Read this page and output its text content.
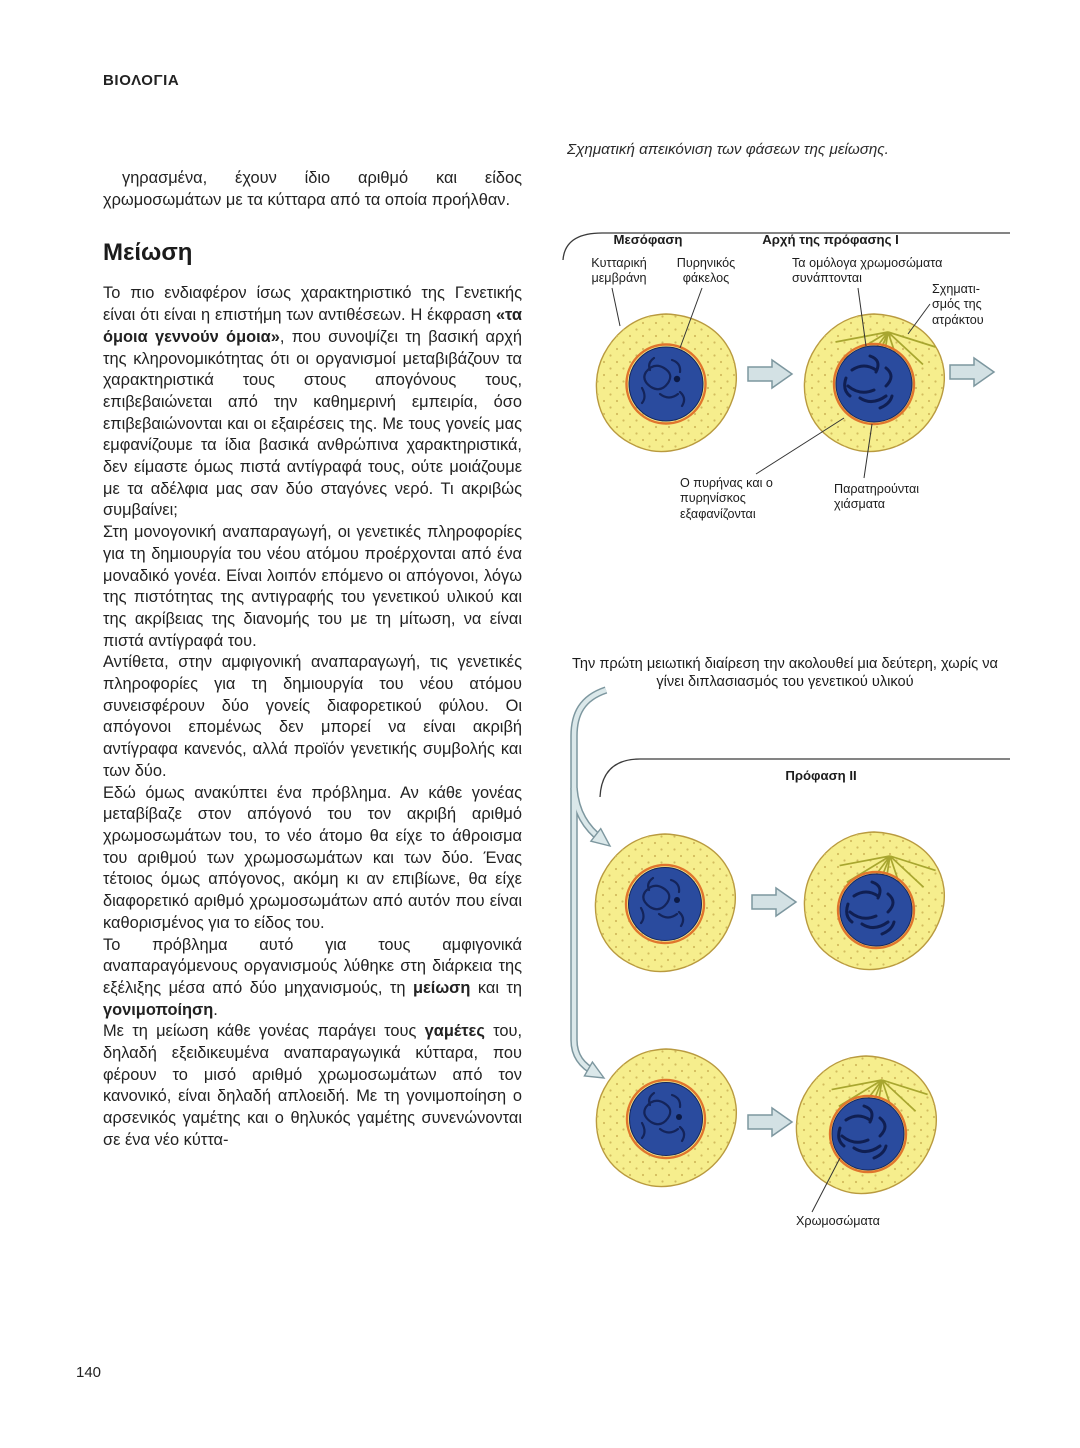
ΒΙΟΛΟΓΙΑ

γηρασμένα, έχουν ίδιο αριθμό και είδος χρωμοσωμάτων με τα κύτταρα από τα οποία προήλθαν.

Μείωση

Το πιο ενδιαφέρον ίσως χαρακτηριστικό της Γενετικής είναι ότι είναι η επιστήμη των αντιθέσεων. Η έκφραση «τα όμοια γεννούν όμοια», που συνοψίζει τη βασική αρχή της κληρονομικότητας ότι οι οργανισμοί μεταβιβάζουν τα χαρακτηριστικά τους στους απογόνους τους, επιβεβαιώνεται από την καθημερινή εμπειρία, όσο επιβεβαιώνονται και οι εξαιρέσεις της. Με τους γονείς μας εμφανίζουμε τα ίδια βασικά ανθρώπινα χαρακτηριστικά, δεν είμαστε όμως πιστά αντίγραφά τους, ούτε μοιάζουμε με τα αδέλφια μας σαν δύο σταγόνες νερό. Τι ακριβώς συμβαίνει;

Στη μονογονική αναπαραγωγή, οι γενετικές πληροφορίες για τη δημιουργία του νέου ατόμου προέρχονται από ένα μοναδικό γονέα. Είναι λοιπόν επόμενο οι απόγονοι, λόγω της πιστότητας της αντιγραφής του γενετικού υλικού και της ακρίβειας της διανομής του με τη μίτωση, να είναι πιστά αντίγραφά του.

Αντίθετα, στην αμφιγονική αναπαραγωγή, τις γενετικές πληροφορίες για τη δημιουργία του νέου ατόμου συνεισφέρουν δύο γονείς διαφορετικού φύλου. Οι απόγονοι επομένως δεν μπορεί να είναι ακριβή αντίγραφα κανενός, αλλά προϊόν γενετικής συμβολής και των δύο.

Εδώ όμως ανακύπτει ένα πρόβλημα. Αν κάθε γονέας μεταβίβαζε στον απόγονό του τον ακριβή αριθμό χρωμοσωμάτων του, το νέο άτομο θα είχε το άθροισμα του αριθμού των χρωμοσωμάτων και των δύο. Ένας τέτοιος όμως απόγονος, ακόμη κι αν επιβίωνε, θα είχε διαφορετικό αριθμό χρωμοσωμάτων από αυτόν που είναι καθορισμένος για το είδος του.

Το πρόβλημα αυτό για τους αμφιγονικά αναπαραγόμενους οργανισμούς λύθηκε στη διάρκεια της εξέλιξης μέσα από δύο μηχανισμούς, τη μείωση και τη γονιμοποίηση.

Με τη μείωση κάθε γονέας παράγει τους γαμέτες του, δηλαδή εξειδικευμένα αναπαραγωγικά κύτταρα, που φέρουν το μισό αριθμό χρωμοσωμάτων από τον κανονικό, είναι δηλαδή απλοειδή. Με τη γονιμοποίηση ο αρσενικός γαμέτης και ο θηλυκός γαμέτης συνενώνονται σε ένα νέο κύττα-

Σχηματική απεικόνιση των φάσεων της μείωσης.

Μεσόφαση	Αρχή της πρόφασης I
Κυτταρική μεμβράνη
Πυρηνικός φάκελος
Τα ομόλογα χρωμοσώματα συνάπτονται
Σχηματι-σμός της ατράκτου
Ο πυρήνας και ο πυρηνίσκος εξαφανίζονται
Παρατηρούνται χιάσματα
Την πρώτη μειωτική διαίρεση την ακολουθεί μια δεύτερη, χωρίς να γίνει διπλασιασμός του γενετικού υλικού
Πρόφαση II
Χρωμοσώματα
140
